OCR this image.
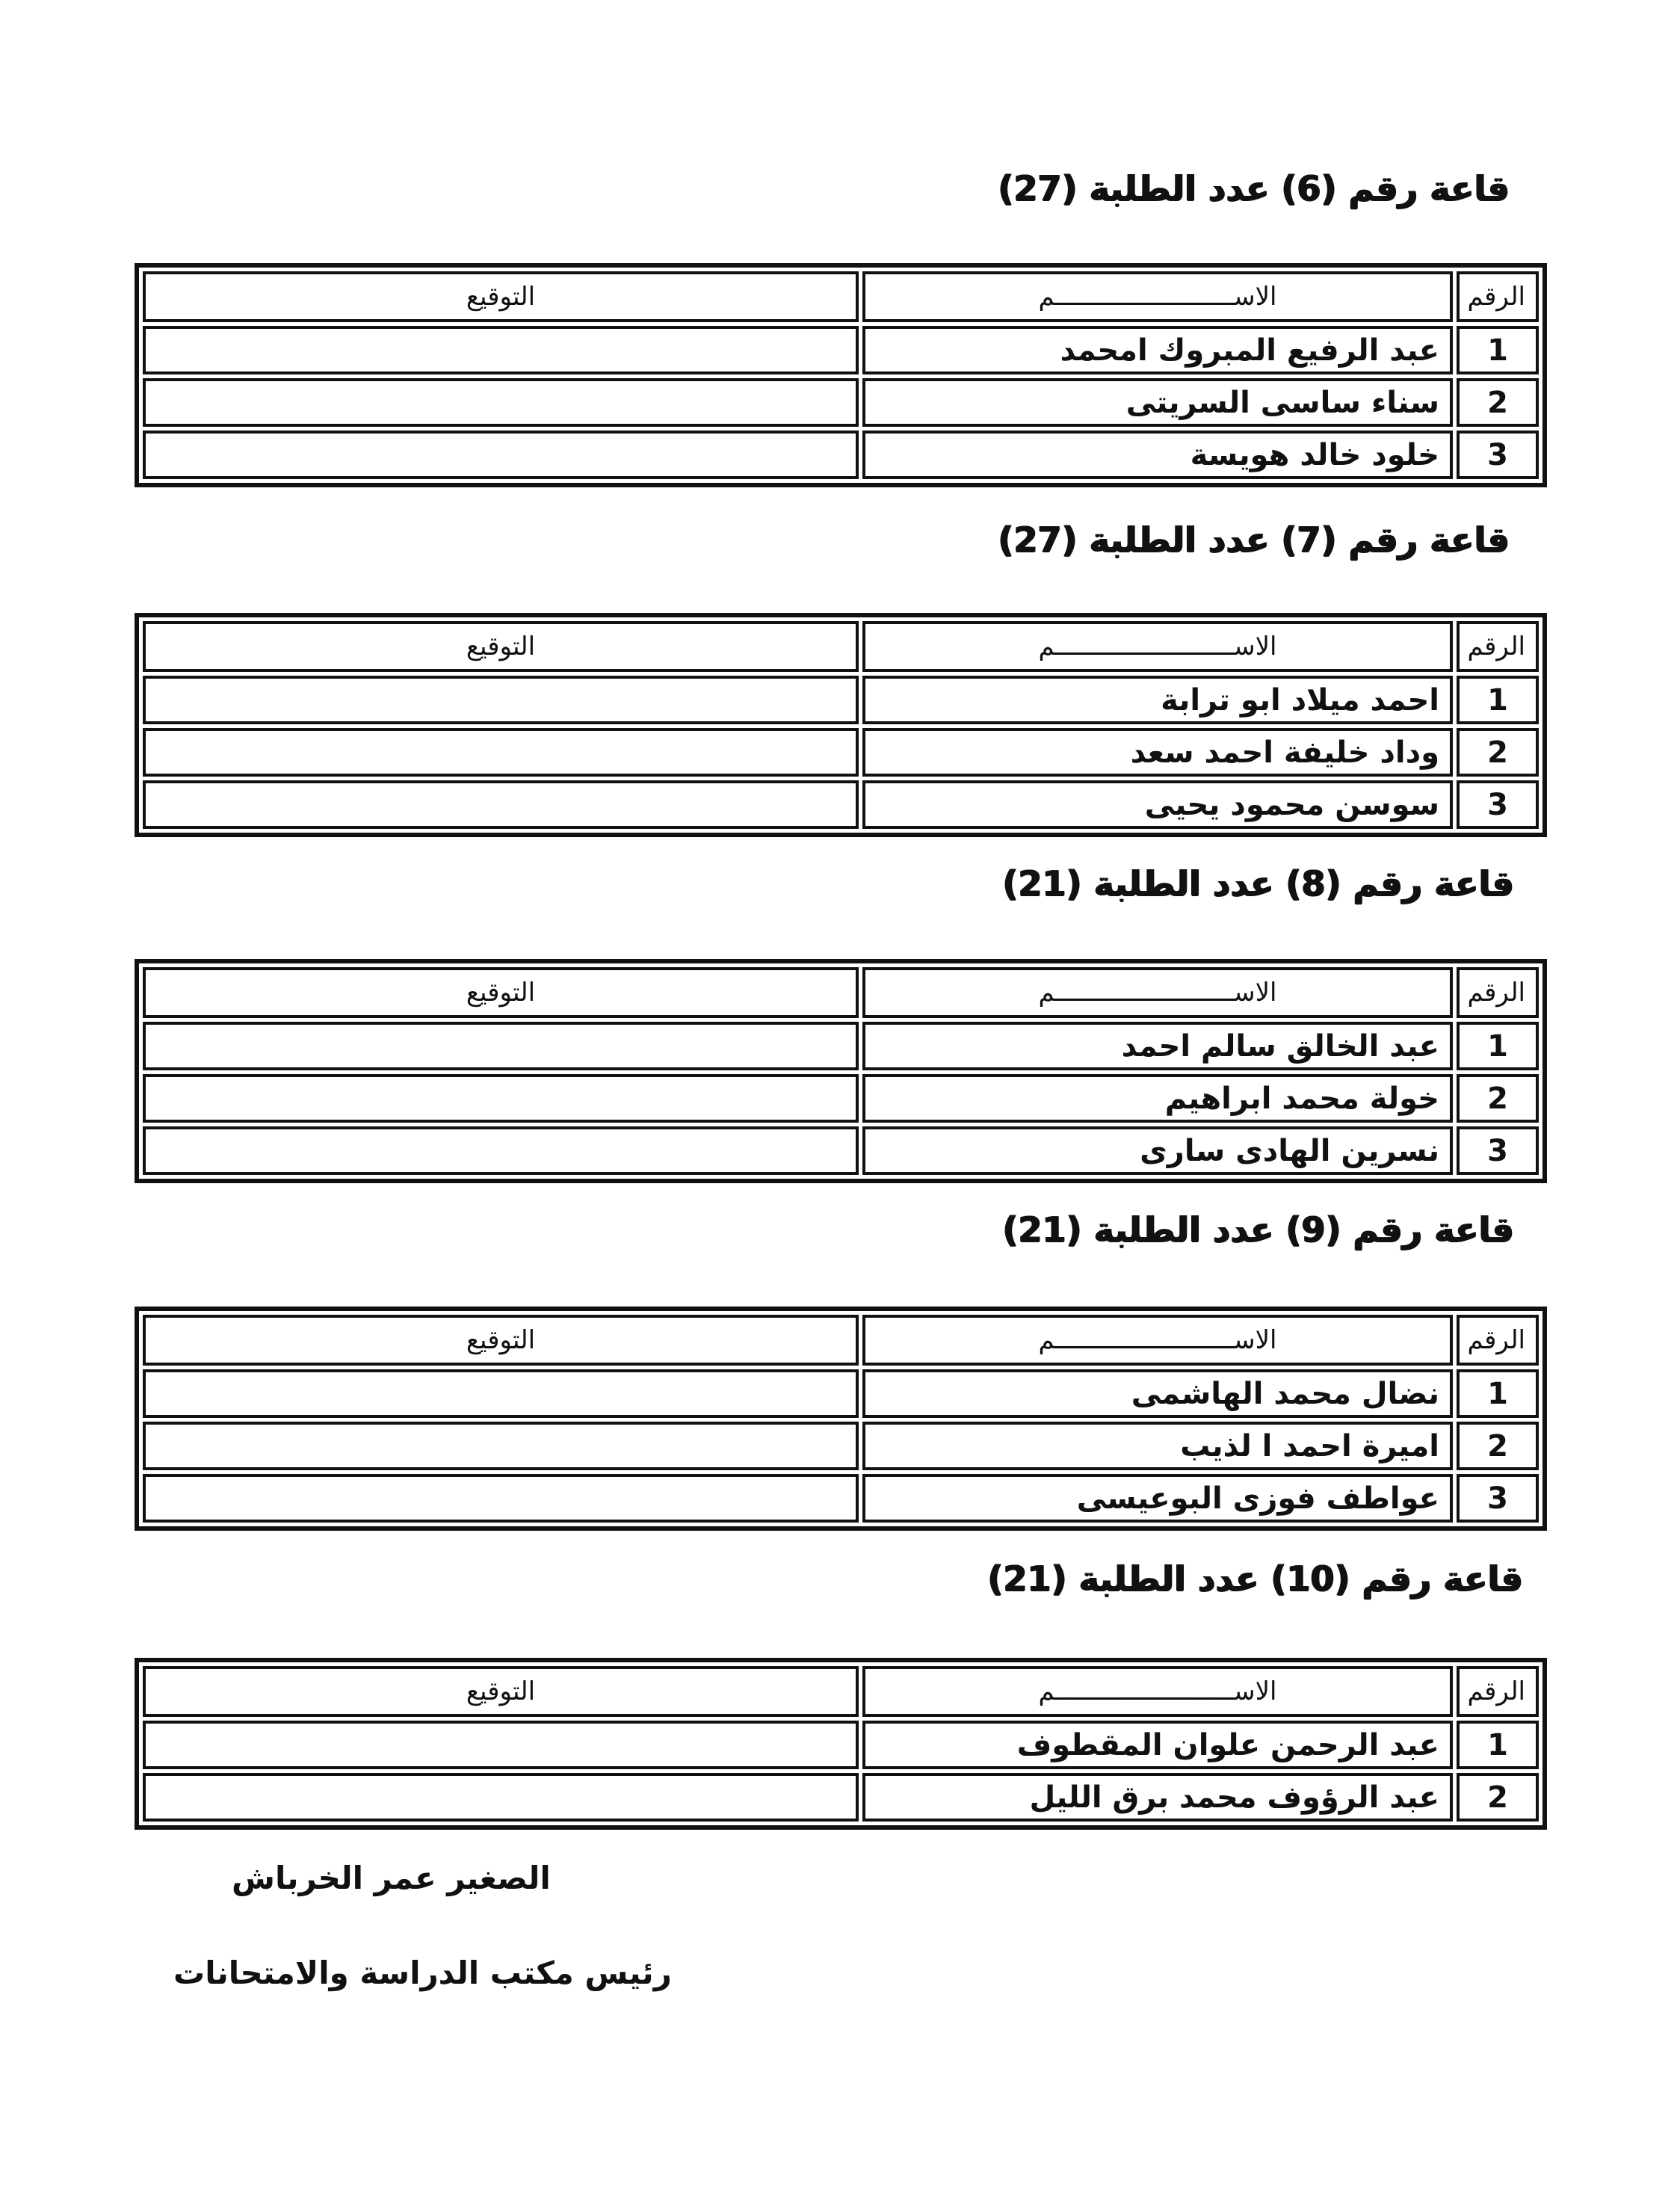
قاعة رقم (6) عدد الطلبة (27)
الرقم	الاســــــــــــــــــــــــم	التوقيع
1	عبد الرفيع المبروك امحمد	
2	سناء ساسى السريتى	
3	خلود خالد هويسة	
قاعة رقم (7) عدد الطلبة (27)
الرقم	الاســــــــــــــــــــــــم	التوقيع
1	احمد ميلاد ابو ترابة	
2	وداد خليفة احمد سعد	
3	سوسن محمود يحيى	
قاعة رقم (8) عدد الطلبة (21)
الرقم	الاســــــــــــــــــــــــم	التوقيع
1	عبد الخالق سالم احمد	
2	خولة محمد ابراهيم	
3	نسرين الهادى سارى	
قاعة رقم (9) عدد الطلبة (21)
الرقم	الاســــــــــــــــــــــــم	التوقيع
1	نضال محمد الهاشمى	
2	اميرة احمد ا لذيب	
3	عواطف فوزى البوعيسى	
قاعة رقم (10) عدد الطلبة (21)
الرقم	الاســــــــــــــــــــــــم	التوقيع
1	عبد الرحمن علوان المقطوف	
2	عبد الرؤوف محمد برق الليل	
الصغير عمر الخرباش
رئيس مكتب الدراسة والامتحانات
